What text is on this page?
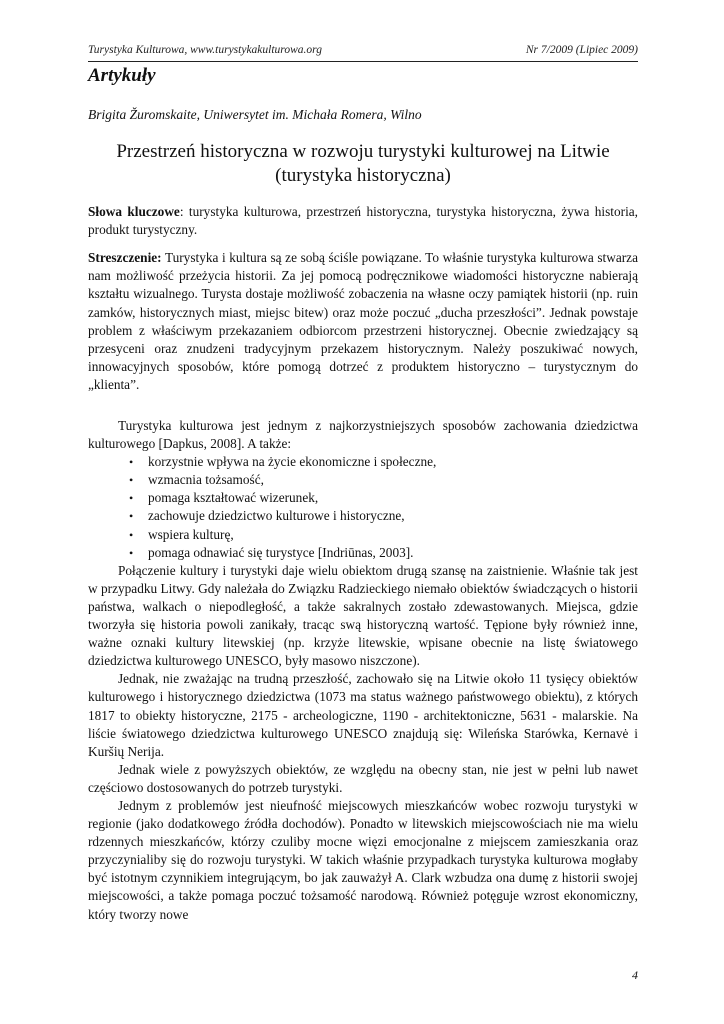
Turystyka Kulturowa, www.turystykakulturowa.org	Nr 7/2009 (Lipiec 2009)
Artykuły
Brigita Žuromskaite, Uniwersytet im. Michała Romera, Wilno
Przestrzeń historyczna w rozwoju turystyki kulturowej na Litwie
(turystyka historyczna)
Słowa kluczowe: turystyka kulturowa, przestrzeń historyczna, turystyka historyczna, żywa historia, produkt turystyczny.
Streszczenie: Turystyka i kultura są ze sobą ściśle powiązane. To właśnie turystyka kulturowa stwarza nam możliwość przeżycia historii. Za jej pomocą podręcznikowe wiadomości historyczne nabierają kształtu wizualnego. Turysta dostaje możliwość zobaczenia na własne oczy pamiątek historii (np. ruin zamków, historycznych miast, miejsc bitew) oraz może poczuć „ducha przeszłości”. Jednak powstaje problem z właściwym przekazaniem odbiorcom przestrzeni historycznej. Obecnie zwiedzający są przesyceni oraz znudzeni tradycyjnym przekazem historycznym. Należy poszukiwać nowych, innowacyjnych sposobów, które pomogą dotrzeć z produktem historyczno – turystycznym do „klienta”.

Turystyka kulturowa jest jednym z najkorzystniejszych sposobów zachowania dziedzictwa kulturowego [Dapkus, 2008]. A także:

• korzystnie wpływa na życie ekonomiczne i społeczne,
• wzmacnia tożsamość,
• pomaga kształtować wizerunek,
• zachowuje dziedzictwo kulturowe i historyczne,
• wspiera kulturę,
• pomaga odnawiać się turystyce [Indriūnas, 2003].

Połączenie kultury i turystyki daje wielu obiektom drugą szansę na zaistnienie. Właśnie tak jest w przypadku Litwy. Gdy należała do Związku Radzieckiego niemało obiektów świadczących o historii państwa, walkach o niepodległość, a także sakralnych zostało zdewastowanych. Miejsca, gdzie tworzyła się historia powoli zanikały, tracąc swą historyczną wartość. Tępione były również inne, ważne oznaki kultury litewskiej (np. krzyże litewskie, wpisane obecnie na listę światowego dziedzictwa kulturowego UNESCO, były masowo niszczone).

Jednak, nie zważając na trudną przeszłość, zachowało się na Litwie około 11 tysięcy obiektów kulturowego i historycznego dziedzictwa (1073 ma status ważnego państwowego obiektu), z których 1817 to obiekty historyczne, 2175 - archeologiczne, 1190 - architektoniczne, 5631 - malarskie. Na liście światowego dziedzictwa kulturowego UNESCO znajdują się: Wileńska Starówka, Kernavė i Kuršių Nerija.

Jednak wiele z powyższych obiektów, ze względu na obecny stan, nie jest w pełni lub nawet częściowo dostosowanych do potrzeb turystyki.

Jednym z problemów jest nieufność miejscowych mieszkańców wobec rozwoju turystyki w regionie (jako dodatkowego źródła dochodów). Ponadto w litewskich miejscowościach nie ma wielu rdzennych mieszkańców, którzy czuliby mocne więzi emocjonalne z miejscem zamieszkania oraz przyczynialiby się do rozwoju turystyki. W takich właśnie przypadkach turystyka kulturowa mogłaby być istotnym czynnikiem integrującym, bo jak zauważył A. Clark wzbudza ona dumę z historii swojej miejscowości, a także pomaga poczuć tożsamość narodową. Również potęguje wzrost ekonomiczny, który tworzy nowe

4
